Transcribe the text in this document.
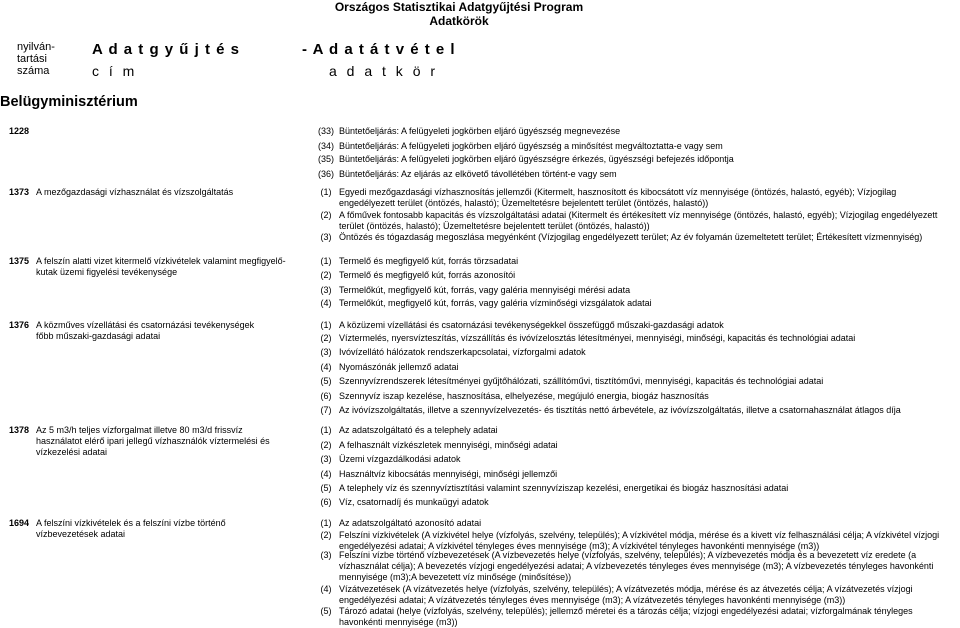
Országos Statisztikai Adatgyűjtési Program
Adatkörök
nyilván-
tartási
száma
A d a t g y ű j t é s
c í m
- A d a t á t v é t e l
a d a t k ö r
Belügyminisztérium
1228	(33) Büntetőeljárás: A felügyeleti jogkörben eljáró ügyészség megnevezése
(34) Büntetőeljárás: A felügyeleti jogkörben eljáró ügyészség a minősítést megváltoztatta-e vagy sem
(35) Büntetőeljárás: A felügyeleti jogkörben eljáró ügyészségre érkezés, ügyészségi befejezés időpontja
(36) Büntetőeljárás: Az eljárás az elkövető távollétében történt-e vagy sem
1373 A mezőgazdasági vízhasználat és vízszolgáltatás	(1) Egyedi mezőgazdasági vízhasznosítás jellemzői (Kitermelt, hasznosított és kibocsátott víz mennyisége (öntözés, halastó, egyéb); Vízjogilag engedélyezett terület (öntözés, halastó); Üzemeltetésre bejelentett terület (öntözés, halastó))
(2) A főművek fontosabb kapacitás és vízszolgáltatási adatai (Kitermelt és értékesített víz mennyisége (öntözés, halastó, egyéb); Vízjogilag engedélyezett terület (öntözés, halastó); Üzemeltetésre bejelentett terület (öntözés, halastó))
(3) Öntözés és tógazdaság megoszlása megyénként (Vízjogilag engedélyezett terület; Az év folyamán üzemeltetett terület; Értékesített vízmennyiség)
1375 A felszín alatti vizet kitermelő vízkivételek valamint megfigyelő-kutak üzemi figyelési tevékenysége
(1) Termelő és megfigyelő kút, forrás törzsadatai
(2) Termelő és megfigyelő kút, forrás azonosítói
(3) Termelőkút, megfigyelő kút, forrás, vagy galéria mennyiségi mérési adata
(4) Termelőkút, megfigyelő kút, forrás, vagy galéria vízminőségi vizsgálatok adatai
1376 A közműves vízellátási és csatornázási tevékenységek főbb műszaki-gazdasági adatai
(1) A közüzemi vízellátási és csatornázási tevékenységekkel összefüggő műszaki-gazdasági adatok
(2) Víztermelés, nyersvízteszítás, vízszállítás és ivóvízelosztás létesítményei, mennyiségi, minőségi, kapacitás és technológiai adatai
(3) Ivóvízellátó hálózatok rendszerkapcsolatai, vízforgalmi adatok
(4) Nyomászónák jellemző adatai
(5) Szennyvízrendszerek létesítményei gyűjtőhálózati, szállítóművi, tisztítóművi, mennyiségi, kapacitás és technológiai adatai
(6) Szennyvíz iszap kezelése, hasznosítása, elhelyezése, megújuló energia, biogáz hasznosítás
(7) Az ivóvízszolgáltatás, illetve a szennyvízelvezetés- és tisztítás nettó árbevétele, az ivóvízszolgáltatás, illetve a csatornahasználat átlagos díja
1378 Az 5 m3/h teljes vízforgalmat illetve 80 m3/d frissvíz használatot elérő ipari jellegű vízhasználók víztermelési és vízkezelési adatai
(1) Az adatszolgáltató és a telephely adatai
(2) A felhasznált vízkészletek mennyiségi, minőségi adatai
(3) Üzemi vízgazdálkodási adatok
(4) Használtvíz kibocsátás mennyiségi, minőségi jellemzői
(5) A telephely víz és szennyvíztisztítási valamint szennyvíziszap kezelési, energetikai és biogáz hasznosítási adatai
(6) Víz, csatornadíj és munkaügyi adatok
1694 A felszíni vízkivételek és a felszíni vízbe történő vízbevezetések adatai
(1) Az adatszolgáltató azonosító adatai
(2) Felszíni vízkivételek (A vízkivétel helye (vízfolyás, szelvény, település); A vízkivétel módja, mérése és a kivett víz felhasználási célja; A vízkivétel vízjogi engedélyezési adatai; A vízkivétel tényleges éves mennyisége (m3); A vízkivétel tényleges havonkénti mennyisége (m3))
(3) Felszíni vízbe történő vízbevezetések (A vízbevezetés helye (vízfolyás, szelvény, település); A vízbevezetés módja és a bevezetett víz eredete (a vízhasználat célja); A bevezetés vízjogi engedélyezési adatai; A vízbevezetés tényleges éves mennyisége (m3); A vízbevezetés tényleges havonkénti mennyisége (m3);A bevezetett víz minősége (minősítése))
(4) Vízátvezetések (A vízátvezetés helye (vízfolyás, szelvény, település); A vízátvezetés módja, mérése és az átvezetés célja; A vízátvezetés vízjogi engedélyezési adatai; A vízátvezetés tényleges éves mennyisége (m3); A vízátvezetés tényleges havonkénti mennyisége (m3))
(5) Tározó adatai (helye (vízfolyás, szelvény, település); jellemző méretei és a tározás célja; vízjogi engedélyezési adatai; vízforgalmának tényleges havonkénti mennyisége (m3))
